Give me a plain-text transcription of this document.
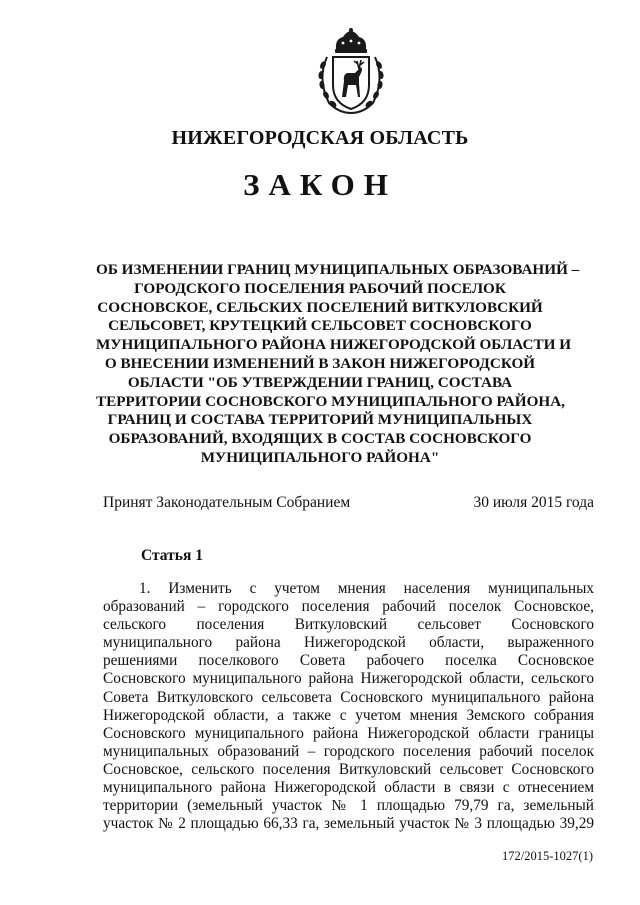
НИЖЕГОРОДСКАЯ ОБЛАСТЬ
ЗАКОН
ОБ ИЗМЕНЕНИИ ГРАНИЦ МУНИЦИПАЛЬНЫХ ОБРАЗОВАНИЙ –
ГОРОДСКОГО ПОСЕЛЕНИЯ РАБОЧИЙ ПОСЕЛОК
СОСНОВСКОЕ, СЕЛЬСКИХ ПОСЕЛЕНИЙ ВИТКУЛОВСКИЙ
СЕЛЬСОВЕТ, КРУТЕЦКИЙ СЕЛЬСОВЕТ СОСНОВСКОГО
МУНИЦИПАЛЬНОГО РАЙОНА НИЖЕГОРОДСКОЙ ОБЛАСТИ И
О ВНЕСЕНИИ ИЗМЕНЕНИЙ В ЗАКОН НИЖЕГОРОДСКОЙ
ОБЛАСТИ "ОБ УТВЕРЖДЕНИИ ГРАНИЦ, СОСТАВА
ТЕРРИТОРИИ СОСНОВСКОГО МУНИЦИПАЛЬНОГО РАЙОНА,
ГРАНИЦ И СОСТАВА ТЕРРИТОРИЙ МУНИЦИПАЛЬНЫХ
ОБРАЗОВАНИЙ, ВХОДЯЩИХ В СОСТАВ СОСНОВСКОГО
МУНИЦИПАЛЬНОГО РАЙОНА"
Принят Законодательным Собранием	30 июля 2015 года
Статья 1
1. Изменить с учетом мнения населения муниципальных
образований – городского поселения рабочий поселок Сосновское,
сельского поселения Виткуловский сельсовет Сосновского
муниципального района Нижегородской области, выраженного
решениями поселкового Совета рабочего поселка Сосновское
Сосновского муниципального района Нижегородской области, сельского
Совета Виткуловского сельсовета Сосновского муниципального района
Нижегородской области, а также с учетом мнения Земского собрания
Сосновского муниципального района Нижегородской области границы
муниципальных образований – городского поселения рабочий поселок
Сосновское, сельского поселения Виткуловский сельсовет Сосновского
муниципального района Нижегородской области в связи с отнесением
территории (земельный участок № 1 площадью 79,79 га, земельный
участок № 2 площадью 66,33 га, земельный участок № 3 площадью 39,29
172/2015-1027(1)
